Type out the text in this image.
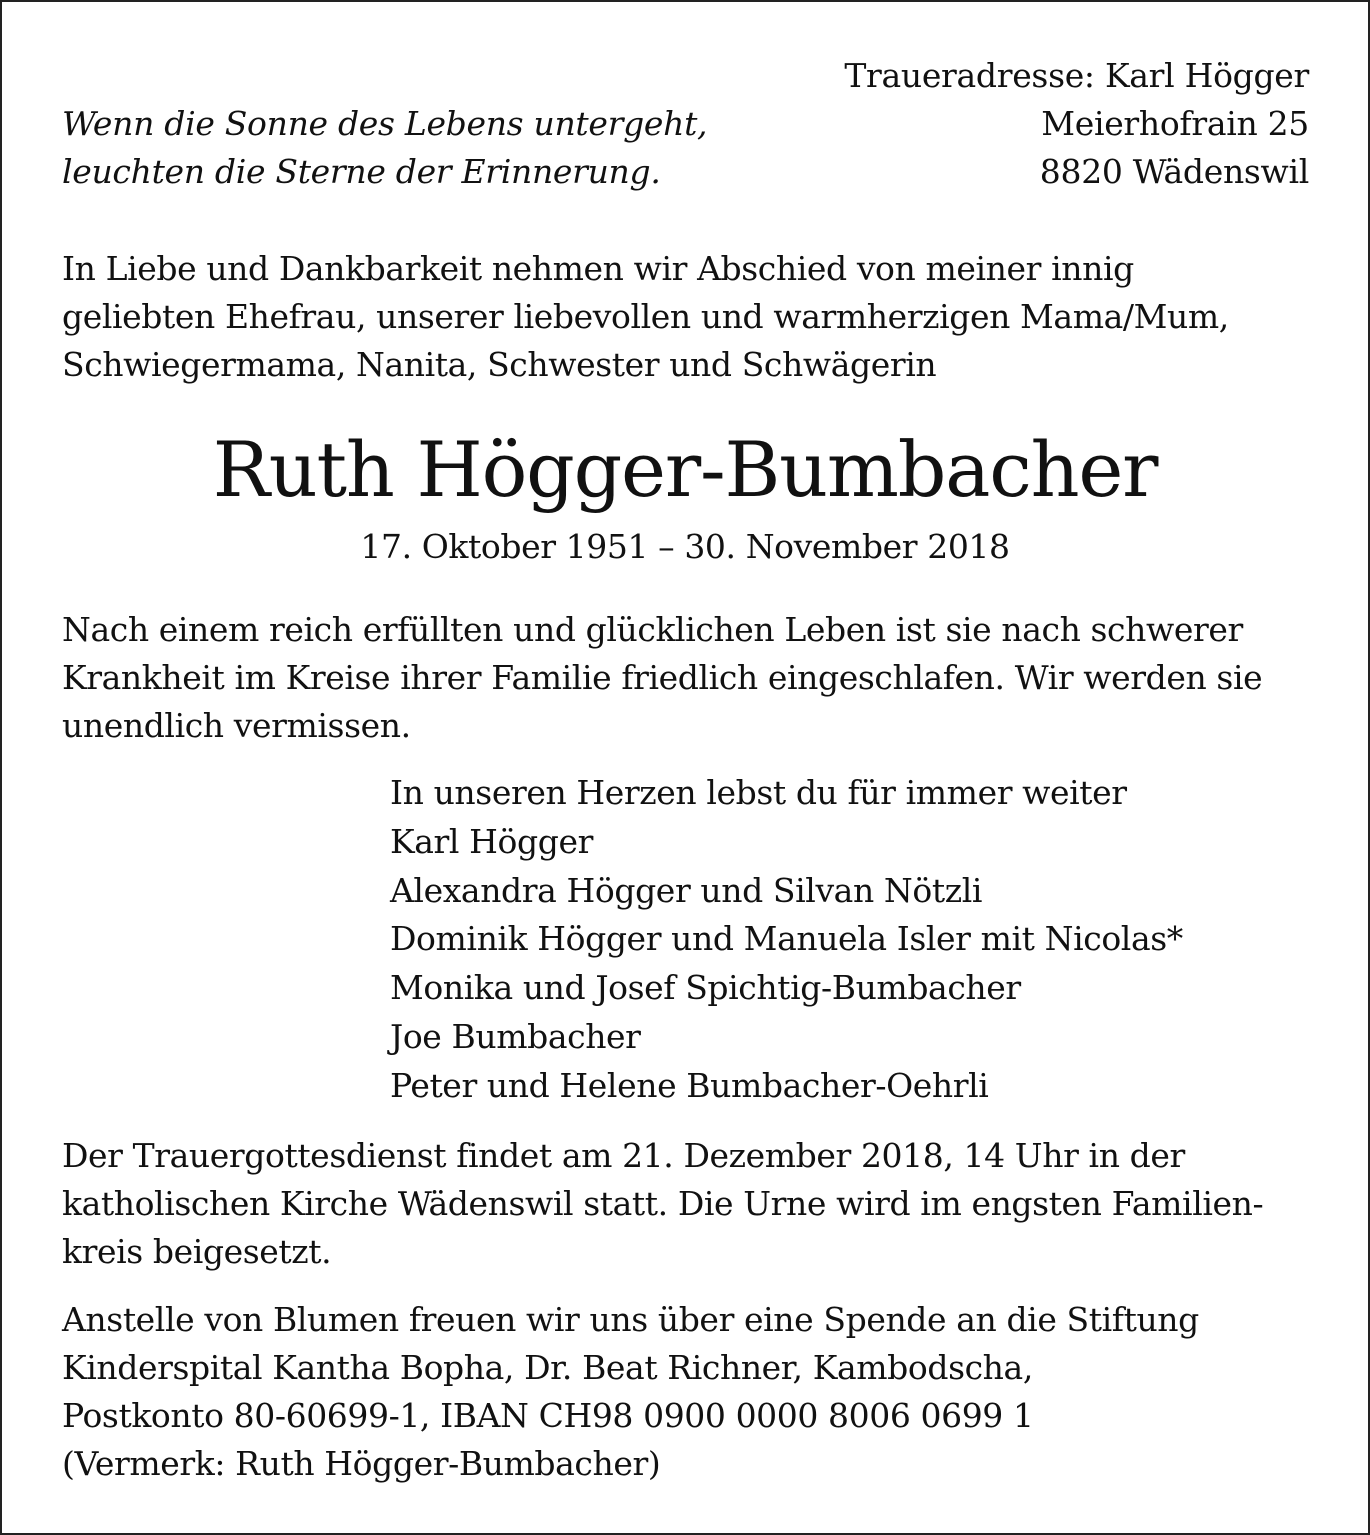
Wenn die Sonne des Lebens untergeht,
leuchten die Sterne der Erinnerung.

Traueradresse: Karl Högger
Meierhofrain 25
8820 Wädenswil

In Liebe und Dankbarkeit nehmen wir Abschied von meiner innig
geliebten Ehefrau, unserer liebevollen und warmherzigen Mama/Mum,
Schwiegermama, Nanita, Schwester und Schwägerin

Ruth Högger-Bumbacher

17. Oktober 1951 – 30. November 2018

Nach einem reich erfüllten und glücklichen Leben ist sie nach schwerer
Krankheit im Kreise ihrer Familie friedlich eingeschlafen. Wir werden sie
unendlich vermissen.

In unseren Herzen lebst du für immer weiter
Karl Högger
Alexandra Högger und Silvan Nötzli
Dominik Högger und Manuela Isler mit Nicolas*
Monika und Josef Spichtig-Bumbacher
Joe Bumbacher
Peter und Helene Bumbacher-Oehrli

Der Trauergottesdienst findet am 21. Dezember 2018, 14 Uhr in der
katholischen Kirche Wädenswil statt. Die Urne wird im engsten Familien-
kreis beigesetzt.

Anstelle von Blumen freuen wir uns über eine Spende an die Stiftung
Kinderspital Kantha Bopha, Dr. Beat Richner, Kambodscha,
Postkonto 80-60699-1, IBAN CH98 0900 0000 8006 0699 1
(Vermerk: Ruth Högger-Bumbacher)
